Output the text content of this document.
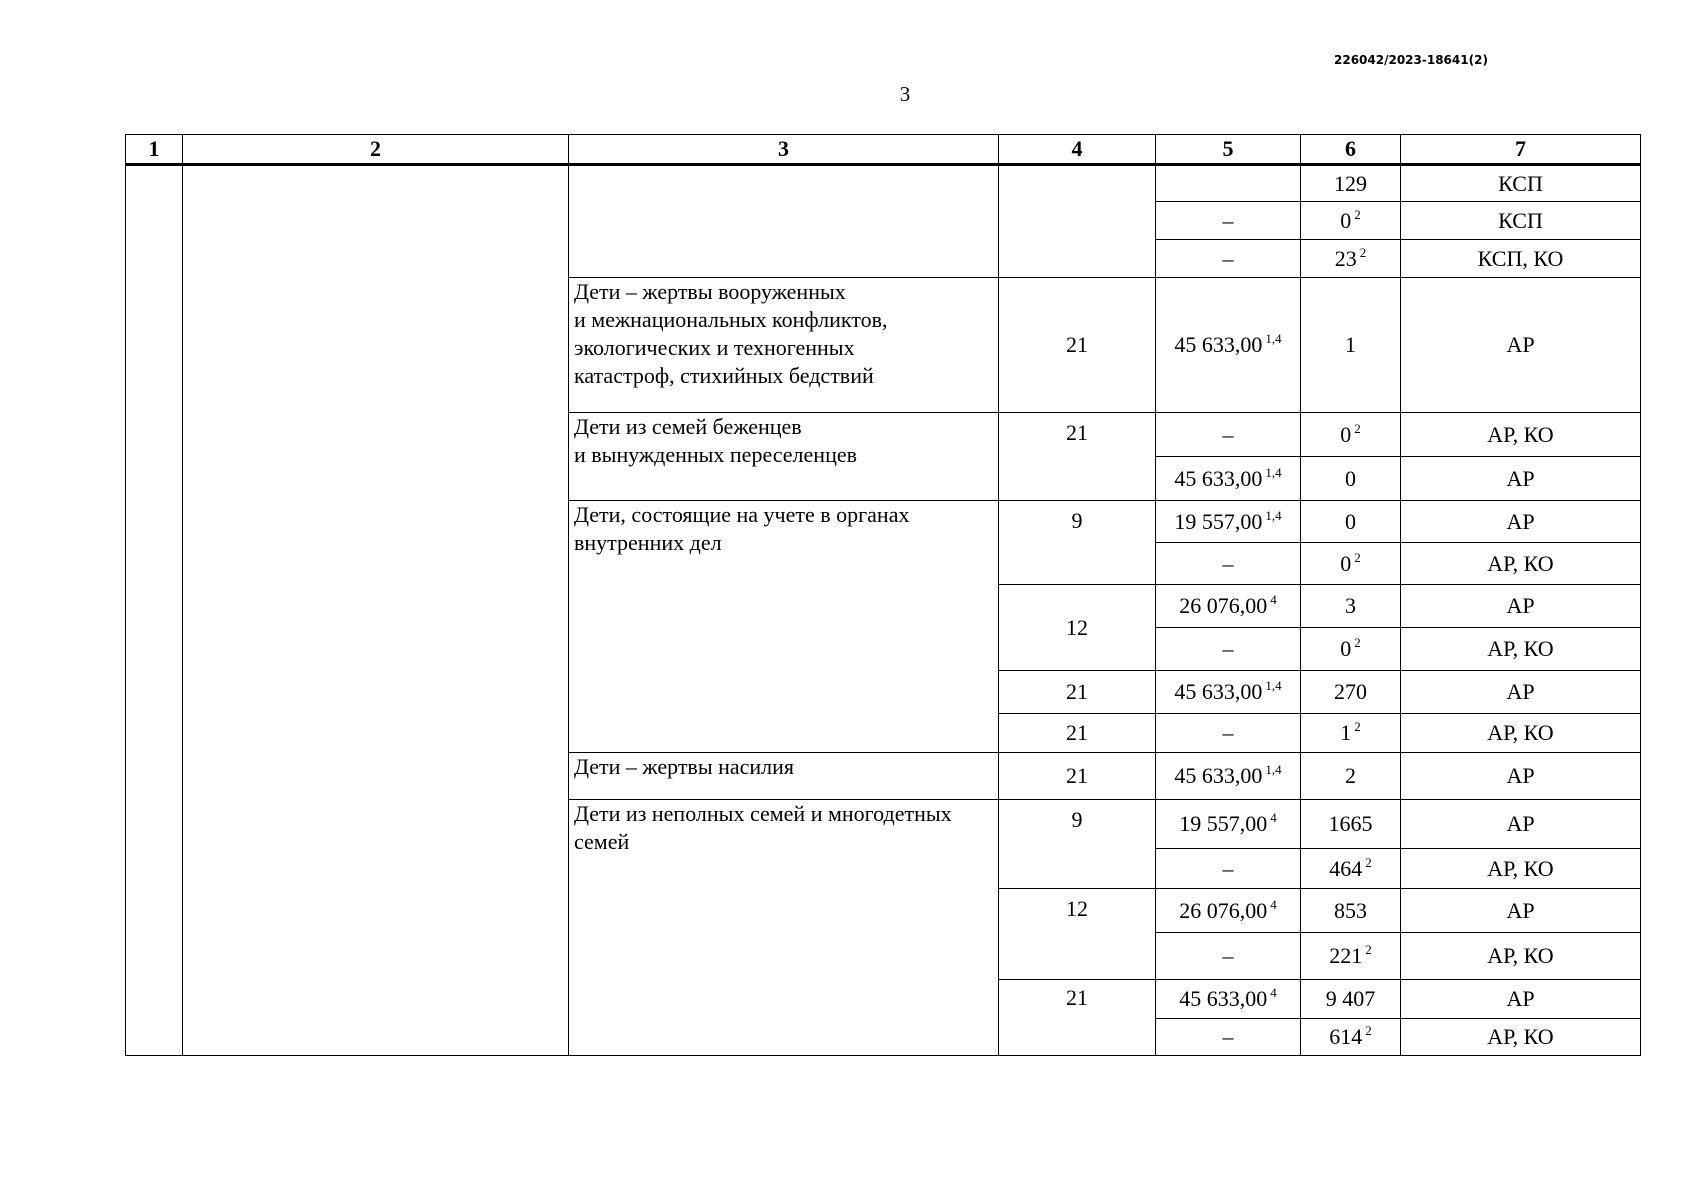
226042/2023-18641(2)
3
1	2	3	4	5	6	7
					129	КСП
				–	0 $^2$	КСП
				–	23 $^2$	КСП, КО
		Дети – жертвы вооруженных
и межнациональных конфликтов,
экологических и техногенных
катастроф, стихийных бедствий	21	45 633,00 $^{1,4}$	1	АР
		Дети из семей беженцев
и вынужденных переселенцев	21	–	0 $^2$	АР, КО
				45 633,00 $^{1,4}$	0	АР
		Дети, состоящие на учете в органах внутренних дел	9	19 557,00 $^{1,4}$	0	АР
				–	0 $^2$	АР, КО
			12	26 076,00 $^4$	3	АР
				–	0 $^2$	АР, КО
			21	45 633,00 $^{1,4}$	270	АР
			21	–	1 $^2$	АР, КО
		Дети – жертвы насилия	21	45 633,00 $^{1,4}$	2	АР
		Дети из неполных семей и многодетных семей	9	19 557,00 $^4$	1665	АР
				–	464 $^2$	АР, КО
			12	26 076,00 $^4$	853	АР
				–	221 $^2$	АР, КО
			21	45 633,00 $^4$	9 407	АР
				–	614 $^2$	АР, КО
